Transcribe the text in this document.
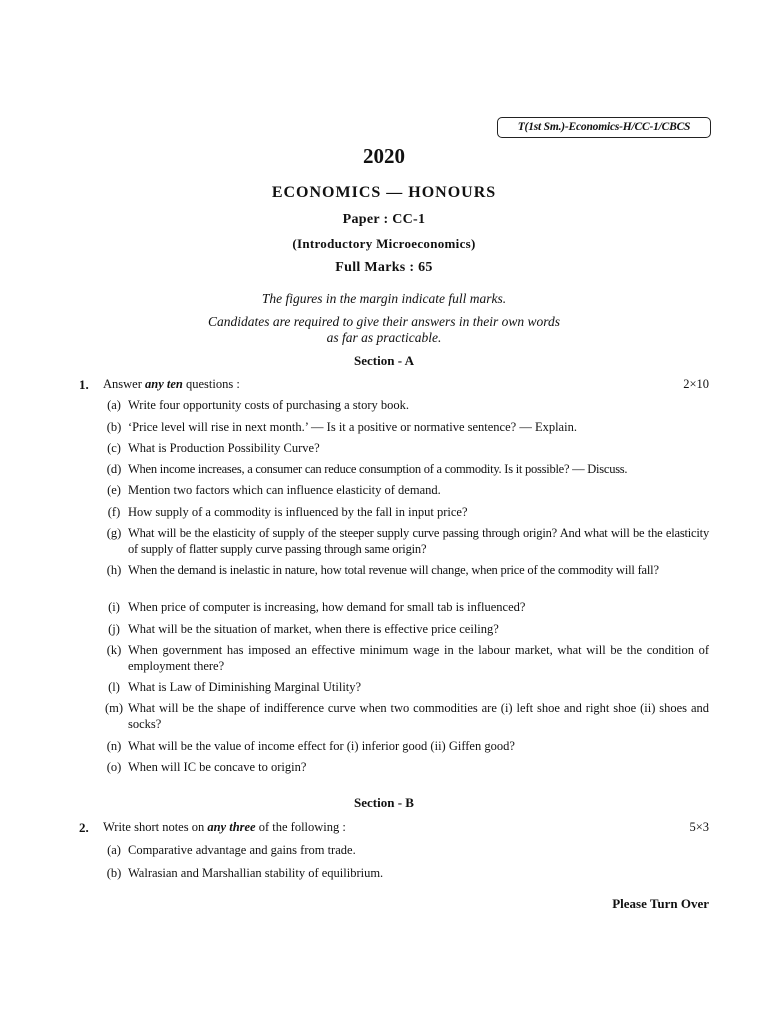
T(1st Sm.)-Economics-H/CC-1/CBCS
2020
ECONOMICS — HONOURS
Paper : CC-1
(Introductory Microeconomics)
Full Marks : 65
The figures in the margin indicate full marks.
Candidates are required to give their answers in their own words
as far as practicable.
Section - A
1. Answer any ten questions :	2×10
(a) Write four opportunity costs of purchasing a story book.
(b) ‘Price level will rise in next month.’ — Is it a positive or normative sentence? — Explain.
(c) What is Production Possibility Curve?
(d) When income increases, a consumer can reduce consumption of a commodity. Is it possible? — Discuss.
(e) Mention two factors which can influence elasticity of demand.
(f) How supply of a commodity is influenced by the fall in input price?
(g) What will be the elasticity of supply of the steeper supply curve passing through origin? And what will be the elasticity of supply of flatter supply curve passing through same origin?
(h) When the demand is inelastic in nature, how total revenue will change, when price of the commodity will fall?
(i) When price of computer is increasing, how demand for small tab is influenced?
(j) What will be the situation of market, when there is effective price ceiling?
(k) When government has imposed an effective minimum wage in the labour market, what will be the condition of employment there?
(l) What is Law of Diminishing Marginal Utility?
(m) What will be the shape of indifference curve when two commodities are (i) left shoe and right shoe (ii) shoes and socks?
(n) What will be the value of income effect for (i) inferior good (ii) Giffen good?
(o) When will IC be concave to origin?
Section - B
2. Write short notes on any three of the following :	5×3
(a) Comparative advantage and gains from trade.
(b) Walrasian and Marshallian stability of equilibrium.
Please Turn Over
